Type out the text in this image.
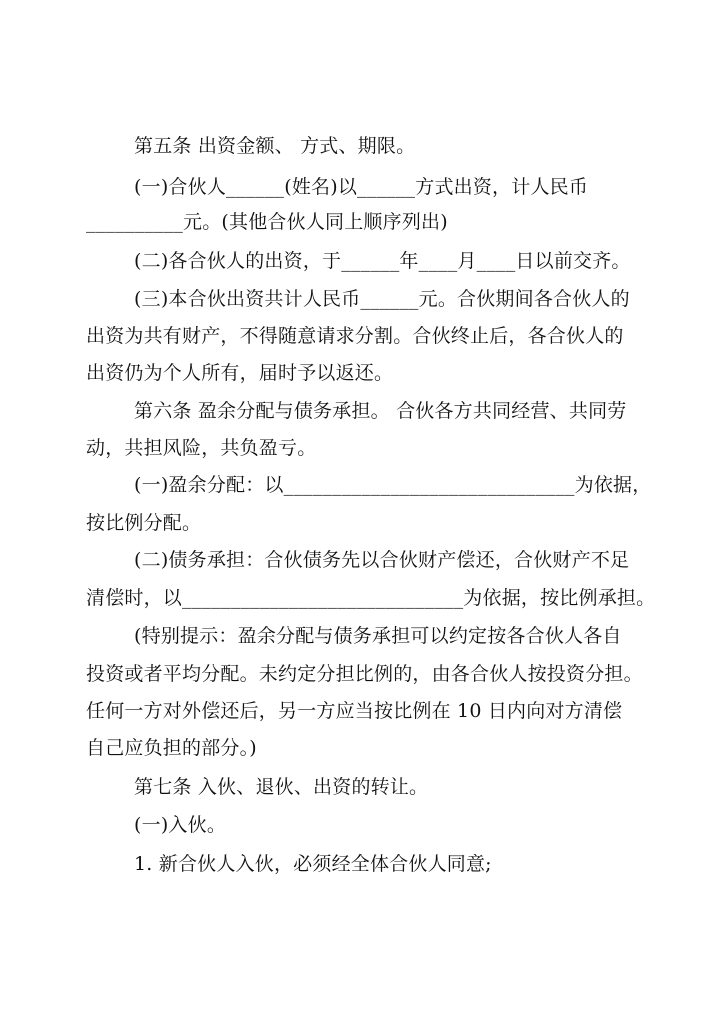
第五条 出资金额、 方式、期限。
(一)合伙人______(姓名)以______方式出资，计人民币
__________元。(其他合伙人同上顺序列出)
(二)各合伙人的出资，于______年____月____日以前交齐。
(三)本合伙出资共计人民币______元。合伙期间各合伙人的
出资为共有财产，不得随意请求分割。合伙终止后，各合伙人的
出资仍为个人所有，届时予以返还。
第六条 盈余分配与债务承担。 合伙各方共同经营、共同劳
动，共担风险，共负盈亏。
(一)盈余分配：以______________________________为依据，
按比例分配。
(二)债务承担：合伙债务先以合伙财产偿还，合伙财产不足
清偿时，以_____________________________为依据，按比例承担。
(特别提示：盈余分配与债务承担可以约定按各合伙人各自
投资或者平均分配。未约定分担比例的，由各合伙人按投资分担。
任何一方对外偿还后，另一方应当按比例在 10 日内向对方清偿
自己应负担的部分。)
第七条 入伙、退伙、出资的转让。
(一)入伙。
1. 新合伙人入伙，必须经全体合伙人同意;
